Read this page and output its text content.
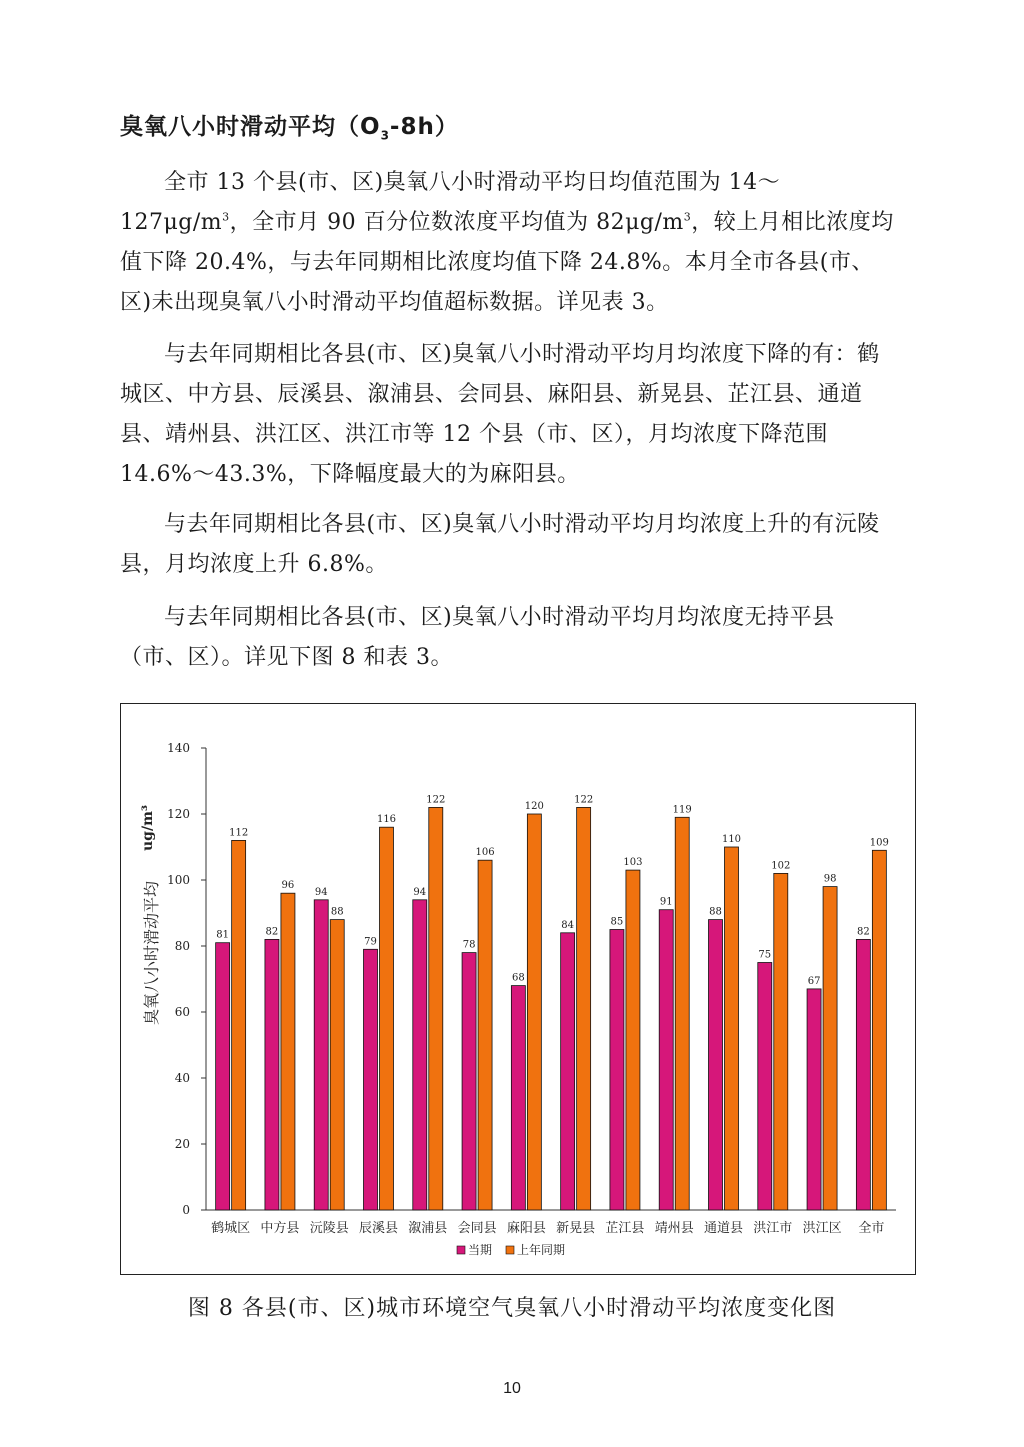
臭氧八小时滑动平均$(O_3-8h)$

全市 13 个县(市、区)臭氧八小时滑动平均日均值范围为 $14\sim 127\mu g/m^3$，全市月 90 百分位数浓度平均值为 $82\mu g/m^3$，较上月相比浓度均值下降 20.4%，与去年同期相比浓度均值下降 24.8%。本月全市各县(市、区)未出现臭氧八小时滑动平均值超标数据。详见表 3。

与去年同期相比各县(市、区)臭氧八小时滑动平均月均浓度下降的有：鹤城区、中方县、辰溪县、溆浦县、会同县、麻阳县、新晃县、芷江县、通道县、靖州县、洪江区、洪江市等 12 个县（市、区），月均浓度下降范围 14.6%～43.3%，下降幅度最大的为麻阳县。

与去年同期相比各县(市、区)臭氧八小时滑动平均月均浓度上升的有沅陵县，月均浓度上升 6.8%。

与去年同期相比各县(市、区)臭氧八小时滑动平均月均浓度无持平县（市、区）。详见下图 8 和表 3。

0
20
40
60
80
100
120
140
臭氧八小时滑动平均
ug/m³
81
112
鹤城区
82
96
中方县
94
88
沅陵县
79
116
辰溪县
94
122
溆浦县
78
106
会同县
68
120
麻阳县
84
122
新晃县
85
103
芷江县
91
119
靖州县
88
110
通道县
75
102
洪江市
67
98
洪江区
82
109
全市
当期 上年同期
图 8 各县(市、区)城市环境空气臭氧八小时滑动平均浓度变化图
10
